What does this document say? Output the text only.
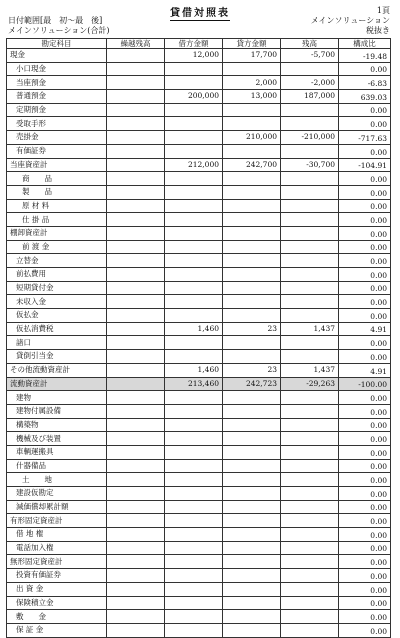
貸借対照表
日付範囲[最　初〜最　後]
メインソリューション(合計)
1頁
メインソリューション
税抜き
勘定科目	繰越残高	借方金額	貸方金額	残高	構成比
現金		12,000	17,700	-5,700	-19.48
小口現金					0.00
当座預金			2,000	-2,000	-6.83
普通預金		200,000	13,000	187,000	639.03
定期預金					0.00
受取手形					0.00
売掛金			210,000	-210,000	-717.63
有価証券					0.00
当座資産計		212,000	242,700	-30,700	-104.91
商　　品					0.00
製　　品					0.00
原 材 料					0.00
仕 掛 品					0.00
棚卸資産計					0.00
前 渡 金					0.00
立替金					0.00
前払費用					0.00
短期貸付金					0.00
未収入金					0.00
仮払金					0.00
仮払消費税		1,460	23	1,437	4.91
諸口					0.00
貸倒引当金					0.00
その他流動資産計		1,460	23	1,437	4.91
流動資産計		213,460	242,723	-29,263	-100.00
建物					0.00
建物付属設備					0.00
構築物					0.00
機械及び装置					0.00
車輌運搬具					0.00
什器備品					0.00
土　　地					0.00
建設仮勘定					0.00
減価償却累計額					0.00
有形固定資産計					0.00
借 地 権					0.00
電話加入権					0.00
無形固定資産計					0.00
投資有価証券					0.00
出 資 金					0.00
保険積立金					0.00
敷　　金					0.00
保 証 金					0.00
